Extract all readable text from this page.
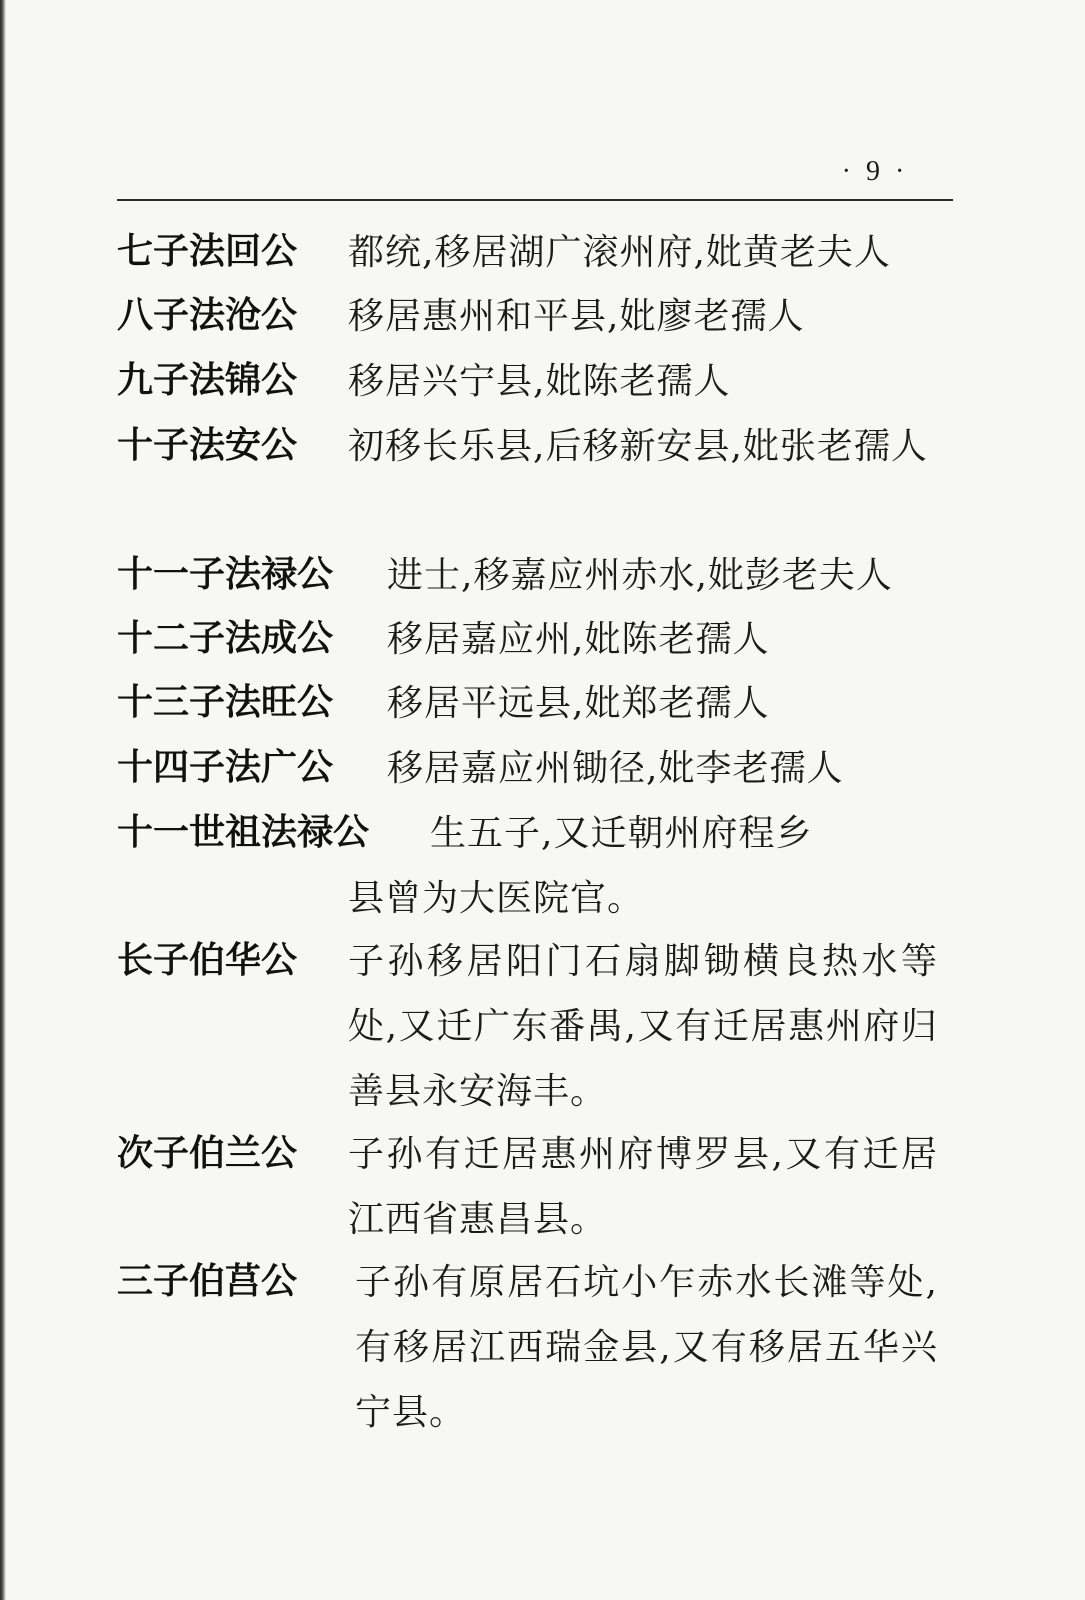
· 9 ·
七子法回公 都统,移居湖广滚州府,妣黄老夫人
八子法沧公 移居惠州和平县,妣廖老孺人
九子法锦公 移居兴宁县,妣陈老孺人
十子法安公 初移长乐县,后移新安县,妣张老孺人
十一子法禄公 进士,移嘉应州赤水,妣彭老夫人
十二子法成公 移居嘉应州,妣陈老孺人
十三子法旺公 移居平远县,妣郑老孺人
十四子法广公 移居嘉应州锄径,妣李老孺人
十一世祖法禄公 生五子,又迁朝州府程乡
县曾为大医院官。
长子伯华公 子孙移居阳门石扇脚锄横良热水等处,又迁广东番禺,又有迁居惠州府归善县永安海丰。
次子伯兰公 子孙有迁居惠州府博罗县,又有迁居江西省惠昌县。
三子伯莒公 子孙有原居石坑小乍赤水长滩等处,有移居江西瑞金县,又有移居五华兴宁县。
